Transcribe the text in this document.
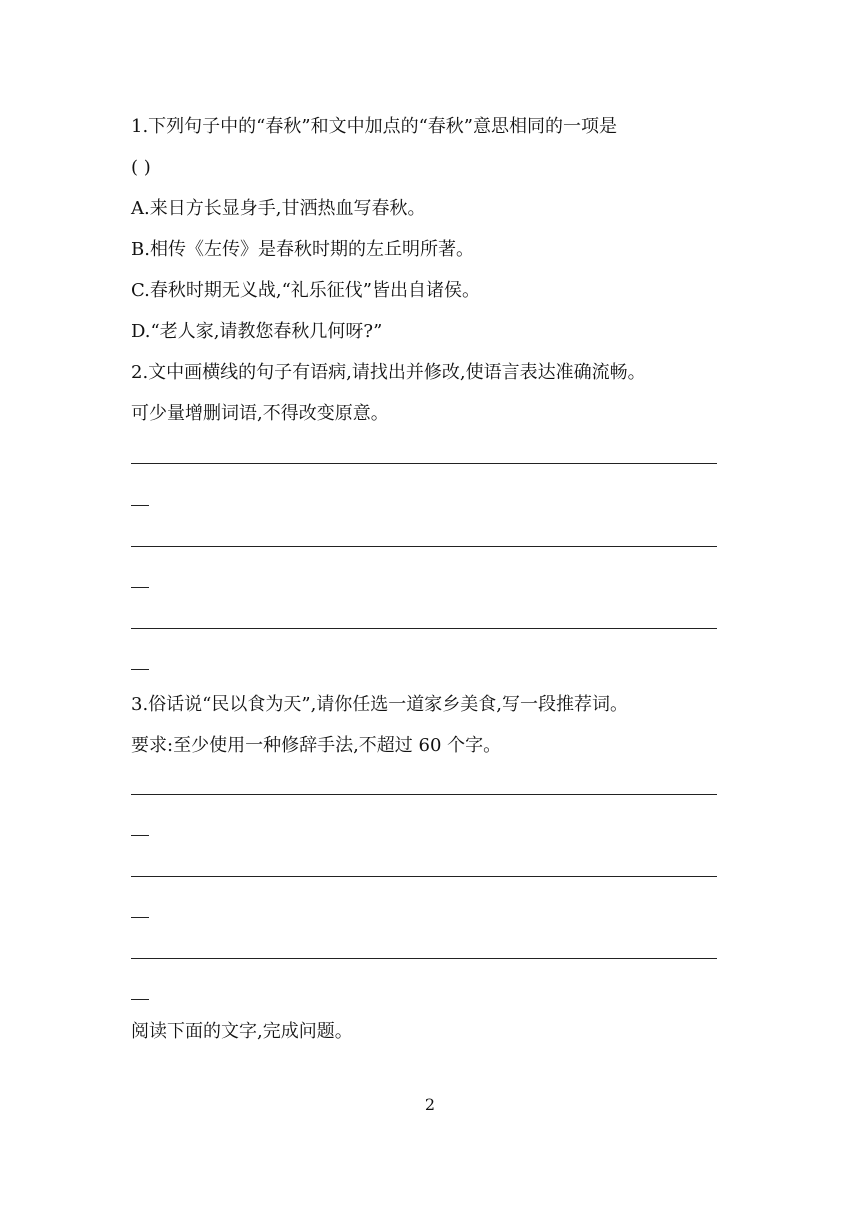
1.下列句子中的“春秋”和文中加点的“春秋”意思相同的一项是
( )
A.来日方长显身手,甘洒热血写春秋。
B.相传《左传》是春秋时期的左丘明所著。
C.春秋时期无义战,“礼乐征伐”皆出自诸侯。
D.“老人家,请教您春秋几何呀?”
2.文中画横线的句子有语病,请找出并修改,使语言表达准确流畅。
可少量增删词语,不得改变原意。
3.俗话说“民以食为天”,请你任选一道家乡美食,写一段推荐词。
要求:至少使用一种修辞手法,不超过 60 个字。
阅读下面的文字,完成问题。
2
